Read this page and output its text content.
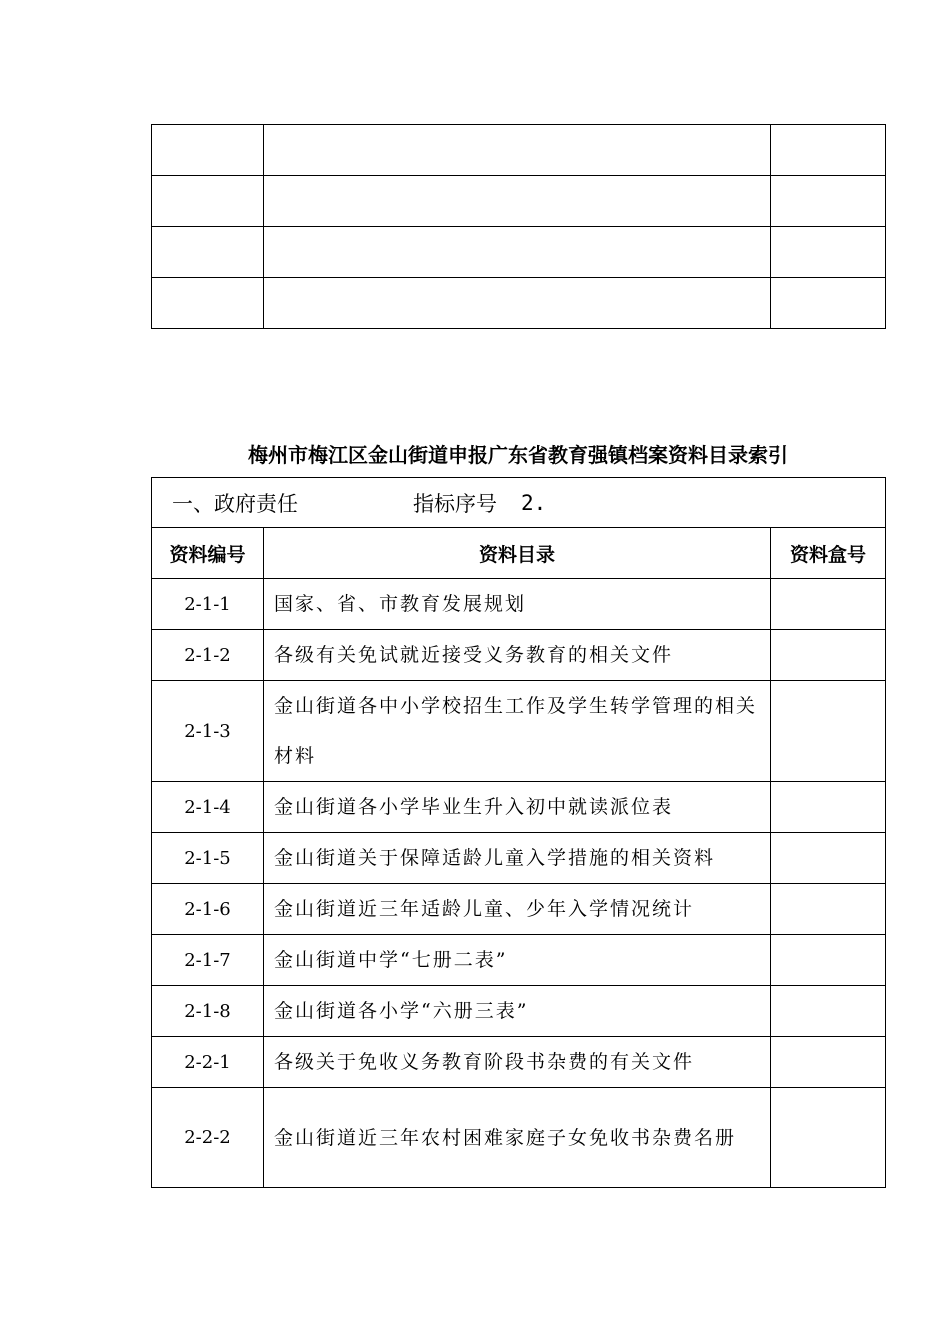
梅州市梅江区金山街道申报广东省教育强镇档案资料目录索引
一、 政府责任 指标序号 2.		

资料编号	资料目录	资料盒号
2-1-1	国家、省、市教育发展规划	
2-1-2	各级有关免试就近接受义务教育的相关文件	
2-1-3	金山街道各中小学校招生工作及学生转学管理的相关材料	
2-1-4	金山街道各小学毕业生升入初中就读派位表	
2-1-5	金山街道关于保障适龄儿童入学措施的相关资料	
2-1-6	金山街道近三年适龄儿童、少年入学情况统计	
2-1-7	金山街道中学“七册二表”	
2-1-8	金山街道各小学“六册三表”	
2-2-1	各级关于免收义务教育阶段书杂费的有关文件	
2-2-2	金山街道近三年农村困难家庭子女免收书杂费名册	
